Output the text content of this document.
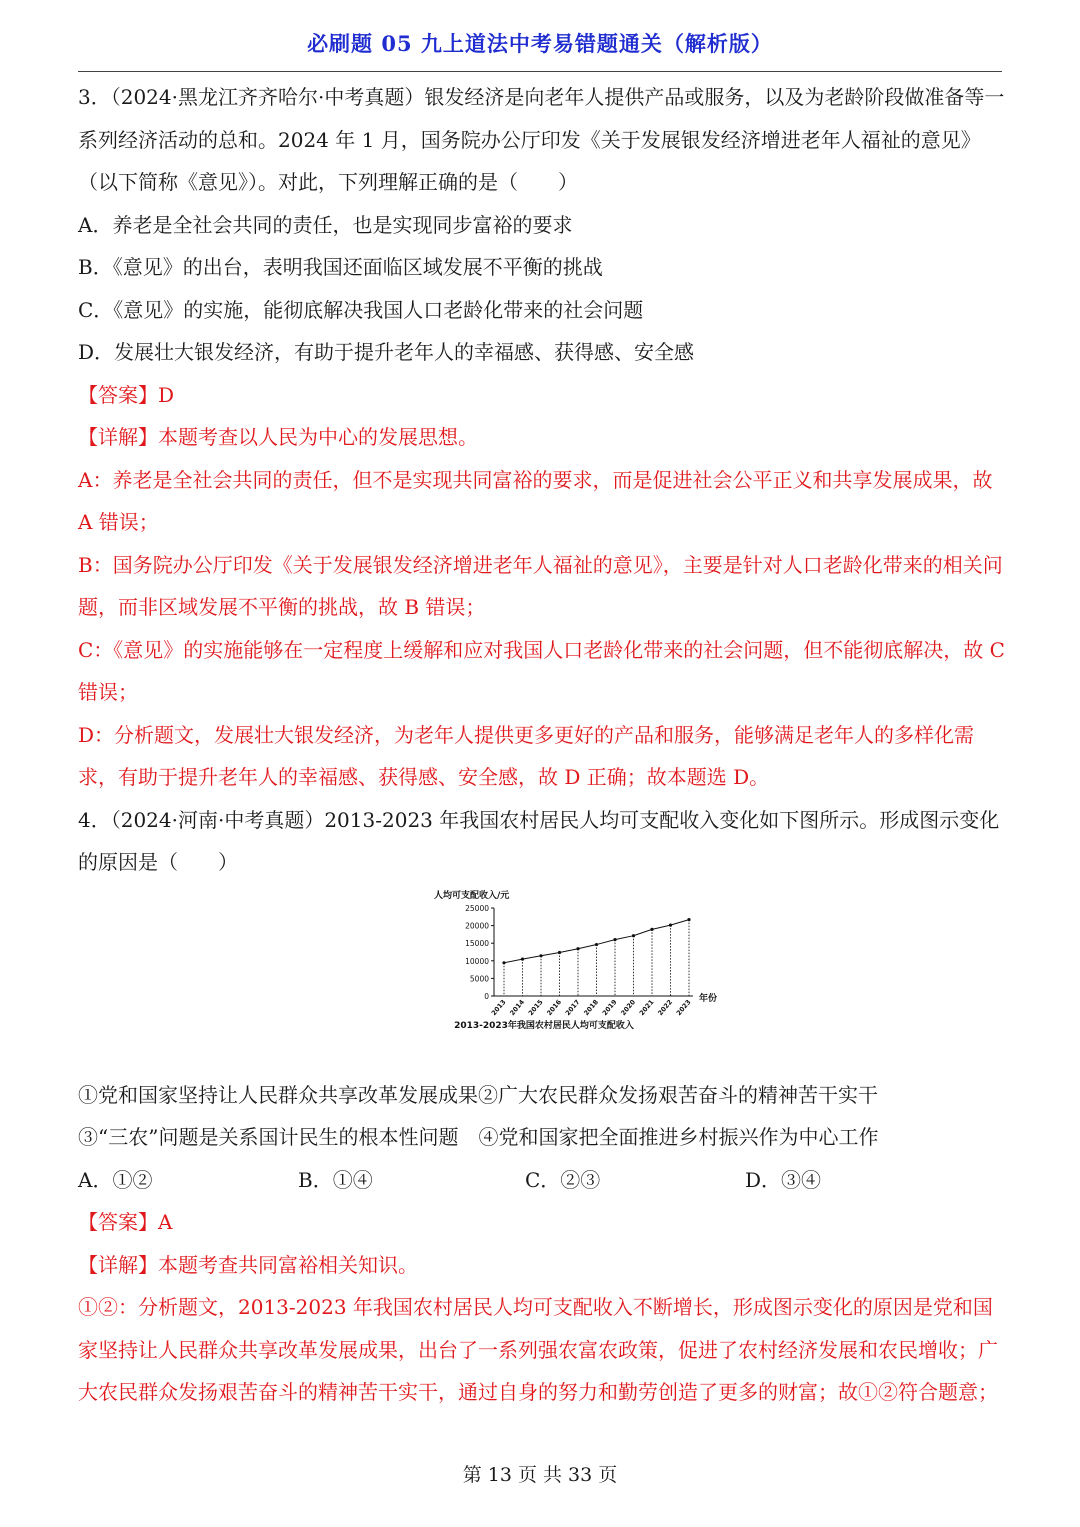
必刷题 05 九上道法中考易错题通关（解析版）
3．（2024·黑龙江齐齐哈尔·中考真题）银发经济是向老年人提供产品或服务，以及为老龄阶段做准备等一系列经济活动的总和。2024 年 1 月，国务院办公厅印发《关于发展银发经济增进老年人福祉的意见》（以下简称《意见》）。对此，下列理解正确的是（　　）
A．养老是全社会共同的责任，也是实现同步富裕的要求
B．《意见》的出台，表明我国还面临区域发展不平衡的挑战
C．《意见》的实施，能彻底解决我国人口老龄化带来的社会问题
D．发展壮大银发经济，有助于提升老年人的幸福感、获得感、安全感
【答案】D
【详解】本题考查以人民为中心的发展思想。
A：养老是全社会共同的责任，但不是实现共同富裕的要求，而是促进社会公平正义和共享发展成果，故 A 错误；
B：国务院办公厅印发《关于发展银发经济增进老年人福祉的意见》，主要是针对人口老龄化带来的相关问题，而非区域发展不平衡的挑战，故 B 错误；
C：《意见》的实施能够在一定程度上缓解和应对我国人口老龄化带来的社会问题，但不能彻底解决，故 C 错误；
D：分析题文，发展壮大银发经济，为老年人提供更多更好的产品和服务，能够满足老年人的多样化需求，有助于提升老年人的幸福感、获得感、安全感，故 D 正确；故本题选 D。
4．（2024·河南·中考真题）2013-2023 年我国农村居民人均可支配收入变化如下图所示。形成图示变化的原因是（　　）
人均可支配收入/元
0
5000
10000
15000
20000
25000
2013 2014 2015 2016 2017 2018 2019 2020 2021 2022 2023 年份
2013-2023年我国农村居民人均可支配收入
①党和国家坚持让人民群众共享改革发展成果②广大农民群众发扬艰苦奋斗的精神苦干实干
③“三农”问题是关系国计民生的根本性问题　④党和国家把全面推进乡村振兴作为中心工作
A．①②	B．①④	C．②③	D．③④
【答案】A
【详解】本题考查共同富裕相关知识。
①②：分析题文，2013-2023 年我国农村居民人均可支配收入不断增长，形成图示变化的原因是党和国家坚持让人民群众共享改革发展成果，出台了一系列强农富农政策，促进了农村经济发展和农民增收；广大农民群众发扬艰苦奋斗的精神苦干实干，通过自身的努力和勤劳创造了更多的财富；故①②符合题意；
第 13 页 共 33 页
